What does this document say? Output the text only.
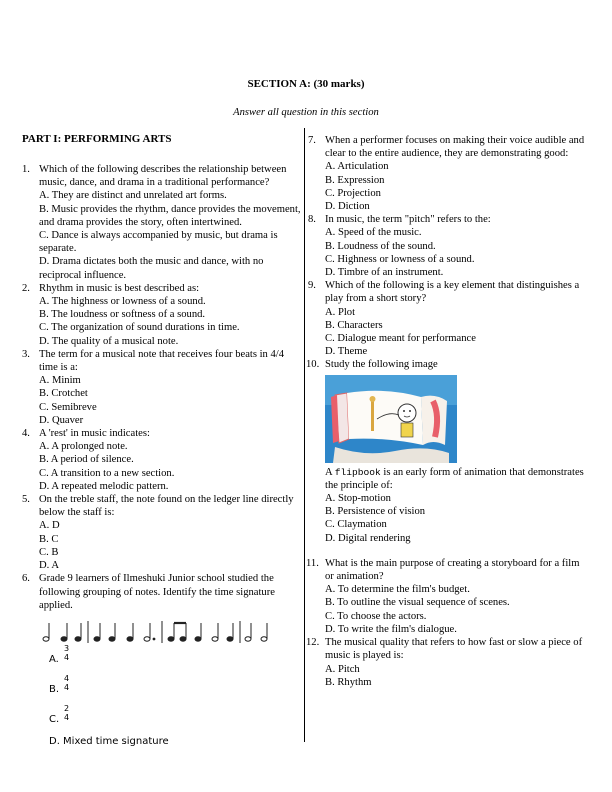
SECTION A: (30 marks)
Answer all question in this section
PART I: PERFORMING ARTS
1. Which of the following describes the relationship between music, dance, and drama in a traditional performance?
A. They are distinct and unrelated art forms.
B. Music provides the rhythm, dance provides the movement, and drama provides the story, often intertwined.
C. Dance is always accompanied by music, but drama is separate.
D. Drama dictates both the music and dance, with no reciprocal influence.
2. Rhythm in music is best described as:
A. The highness or lowness of a sound.
B. The loudness or softness of a sound.
C. The organization of sound durations in time.
D. The quality of a musical note.
3. The term for a musical note that receives four beats in 4/4 time is a:
A. Minim
B. Crotchet
C. Semibreve
D. Quaver
4. A 'rest' in music indicates:
A. A prolonged note.
B. A period of silence.
C. A transition to a new section.
D. A repeated melodic pattern.
5. On the treble staff, the note found on the ledger line directly below the staff is:
A. D
B. C
C. B
D. A
6. Grade 9 learners of Ilmeshuki Junior school studied the following grouping of notes. Identify the time signature applied.
A.
3
4
B.
4
4
C.
2
4
D. Mixed time signature
7. When a performer focuses on making their voice audible and clear to the entire audience, they are demonstrating good:
A. Articulation
B. Expression
C. Projection
D. Diction
8. In music, the term "pitch" refers to the:
A. Speed of the music.
B. Loudness of the sound.
C. Highness or lowness of a sound.
D. Timbre of an instrument.
9. Which of the following is a key element that distinguishes a play from a short story?
A. Plot
B. Characters
C. Dialogue meant for performance
D. Theme
10. Study the following image
A flipbook is an early form of animation that demonstrates the principle of:
A. Stop-motion
B. Persistence of vision
C. Claymation
D. Digital rendering
11. What is the main purpose of creating a storyboard for a film or animation?
A. To determine the film's budget.
B. To outline the visual sequence of scenes.
C. To choose the actors.
D. To write the film's dialogue.
12. The musical quality that refers to how fast or slow a piece of music is played is:
A. Pitch
B. Rhythm
